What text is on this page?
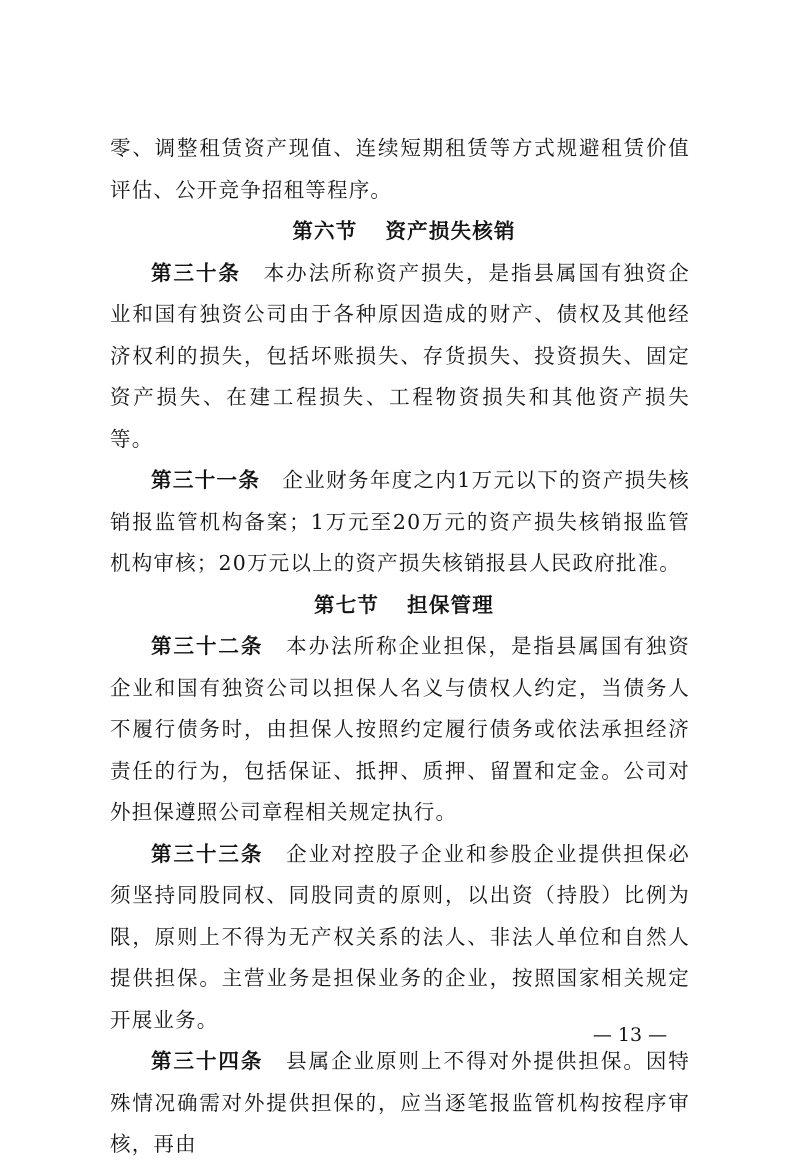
零、调整租赁资产现值、连续短期租赁等方式规避租赁价值评估、公开竞争招租等程序。

第六节 资产损失核销

第三十条 本办法所称资产损失，是指县属国有独资企业和国有独资公司由于各种原因造成的财产、债权及其他经济权利的损失，包括坏账损失、存货损失、投资损失、固定资产损失、在建工程损失、工程物资损失和其他资产损失等。

第三十一条 企业财务年度之内1万元以下的资产损失核销报监管机构备案；1万元至20万元的资产损失核销报监管机构审核；20万元以上的资产损失核销报县人民政府批准。

第七节 担保管理

第三十二条 本办法所称企业担保，是指县属国有独资企业和国有独资公司以担保人名义与债权人约定，当债务人不履行债务时，由担保人按照约定履行债务或依法承担经济责任的行为，包括保证、抵押、质押、留置和定金。公司对外担保遵照公司章程相关规定执行。

第三十三条 企业对控股子企业和参股企业提供担保必须坚持同股同权、同股同责的原则，以出资（持股）比例为限，原则上不得为无产权关系的法人、非法人单位和自然人提供担保。主营业务是担保业务的企业，按照国家相关规定开展业务。

第三十四条 县属企业原则上不得对外提供担保。因特殊情况确需对外提供担保的，应当逐笔报监管机构按程序审核，再由

— 13 —
